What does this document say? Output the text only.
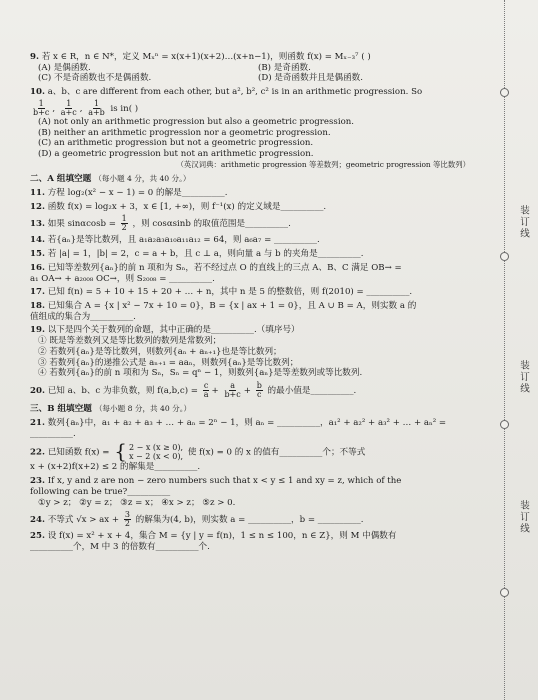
9. 若 x ∈ R，n ∈ N*，定义 Mₓⁿ = x(x+1)(x+2)…(x+n−1)，则函数 f(x) = Mₓ₋₃⁷ ( )
(A) 是偶函数.	(B) 是奇函数.
(C) 不是奇函数也不是偶函数.	(D) 是奇函数并且是偶函数.
10. a、b、c are different from each other, but a², b², c² is in an arithmetic progression. So
$\frac{1}{b+c}$ , $\frac{1}{a+c}$ , $\frac{1}{a+b}$ is in( )
(A) not only an arithmetic progression but also a geometric progression.
(B) neither an arithmetic progression nor a geometric progression.
(C) an arithmetic progression but not a geometric progression.
(D) a geometric progression but not an arithmetic progression.
（英汉词典：arithmetic progression 等差数列；geometric progression 等比数列）
二、A 组填空题 （每小题 4 分，共 40 分。）
11. 方程 log₂(x² − x − 1) = 0 的解是__________.
12. 函数 f(x) = log₂x + 3，x ∈ [1, +∞)，则 f⁻¹(x) 的定义域是__________.
13. 如果 $\sin\alpha\cos b = \frac{1}{2}$ ，则 cosαsinb 的取值范围是__________.
14. 若{aₙ}是等比数列，且 a₁a₂a₃a₁₀a₁₁a₁₂ = 64，则 a₆a₇ = __________.
15. 若 |a| = 1，|b| = 2，c = a + b，且 c ⊥ a，则向量 a 与 b 的夹角是__________.
16. 已知等差数列{aₙ}的前 n 项和为 Sₙ，若不经过点 O 的直线上的三点 A、B、C 满足 OB→ =
a₁ OA→ + a₂₀₀₈ OC→，则 S₂₀₀₈ = __________.
17. 已知 f(n) = 5 + 10 + 15 + 20 + … + n，其中 n 是 5 的整数倍，则 f(2010) = __________.
18. 已知集合 A = {x | x² − 7x + 10 = 0}，B = {x | ax + 1 = 0}，且 A ∪ B = A，则实数 a 的
值组成的集合为__________.
19. 以下是四个关于数列的命题，其中正确的是__________.（填序号）
① 既是等差数列又是等比数列的数列是常数列；
② 若数列{aₙ}是等比数列，则数列{aₙ + aₙ₊₁}也是等比数列；
③ 若数列{aₙ}的递推公式是 aₙ₊₁ = aaₙ，则数列{aₙ}是等比数列；
④ 若数列{aₙ}的前 n 项和为 Sₙ，Sₙ = qⁿ − 1，则数列{aₙ}是等差数列或等比数列.
20. 已知 a、b、c 为非负数，则 $f(a,b,c) = \frac{c}{a} + \frac{a}{b+c} + \frac{b}{c}$ 的最小值是__________.
三、B 组填空题 （每小题 8 分，共 40 分。）
21. 数列{aₙ}中，a₁ + a₂ + a₃ + … + aₙ = 2ⁿ − 1，则 aₙ = __________，a₁² + a₂² + a₃² + … + aₙ² = __________.
22. 已知函数 f(x) = { 2 − x (x ≥ 0),
x − 2 (x < 0), 使 f(x) = 0 的 x 的值有__________个；不等式
x + (x+2)f(x+2) ≤ 2 的解集是__________.
23. If x, y and z are non − zero numbers such that x < y ≤ 1 and xy = z, which of the
following can be true?__________
①y > z； ②y = z； ③z = x； ④x > z； ⑤z > 0.
24. 不等式 √x > ax + $\frac{3}{2}$ 的解集为(4, b)，则实数 a = __________，b = __________.
25. 设 f(x) = x² + x + 4，集合 M = {y | y = f(n)，1 ≤ n ≤ 100，n ∈ Z}，则 M 中偶数有
__________个，M 中 3 的倍数有__________个.
装订线
装订线
装订线
